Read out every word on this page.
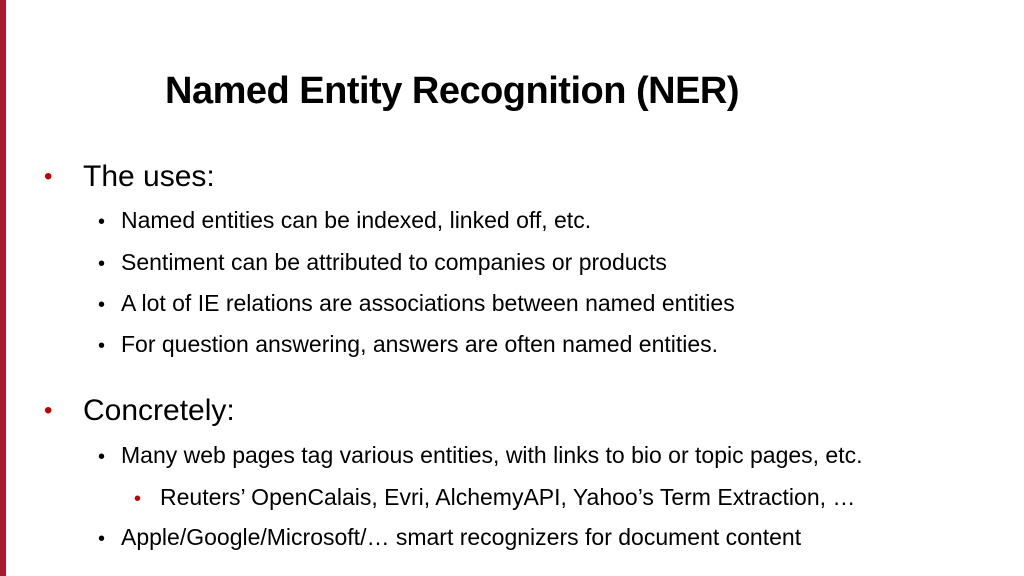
Named Entity Recognition (NER)
•	The uses:
• Named entities can be indexed, linked off, etc.
• Sentiment can be attributed to companies or products
• A lot of IE relations are associations between named entities
• For question answering, answers are often named entities.
•	Concretely:
• Many web pages tag various entities, with links to bio or topic pages, etc.
• Reuters’ OpenCalais, Evri, AlchemyAPI, Yahoo’s Term Extraction, …
• Apple/Google/Microsoft/… smart recognizers for document content
